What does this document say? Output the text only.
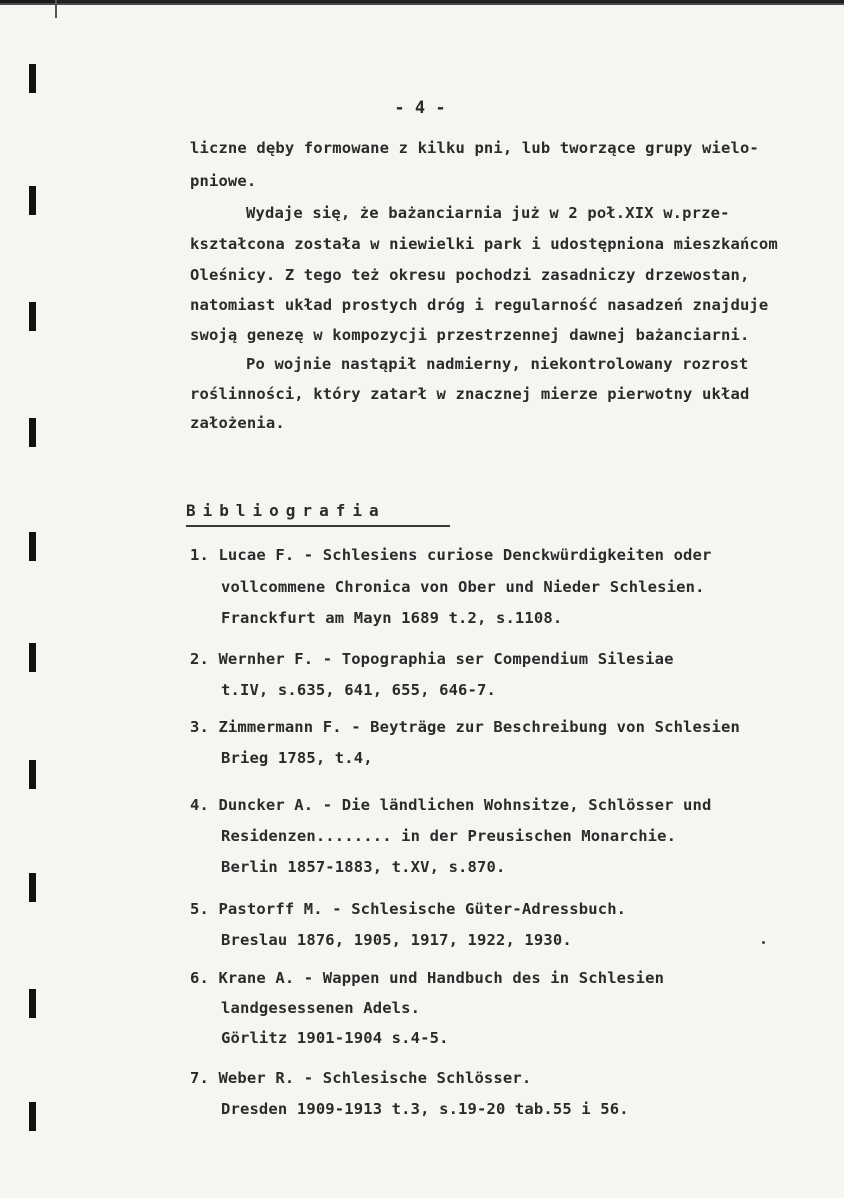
- 4 -
liczne dęby formowane z kilku pni, lub tworzące grupy wielo-
pniowe.
Wydaje się, że bażanciarnia już w 2 poł.XIX w.prze-
kształcona została w niewielki park i udostępniona mieszkańcom
Oleśnicy. Z tego też okresu pochodzi zasadniczy drzewostan,
natomiast układ prostych dróg i regularność nasadzeń znajduje
swoją genezę w kompozycji przestrzennej dawnej bażanciarni.
Po wojnie nastąpił nadmierny, niekontrolowany rozrost
roślinności, który zatarł w znacznej mierze pierwotny układ
założenia.
Bibliografia
1. Lucae F. - Schlesiens curiose Denckwürdigkeiten oder
vollcommene Chronica von Ober und Nieder Schlesien.
Franckfurt am Mayn 1689 t.2, s.1108.
2. Wernher F. - Topographia ser Compendium Silesiae
t.IV, s.635, 641, 655, 646-7.
3. Zimmermann F. - Beyträge zur Beschreibung von Schlesien
Brieg 1785, t.4,
4. Duncker A. - Die ländlichen Wohnsitze, Schlösser und
Residenzen........ in der Preusischen Monarchie.
Berlin 1857-1883, t.XV, s.870.
5. Pastorff M. - Schlesische Güter-Adressbuch.
Breslau 1876, 1905, 1917, 1922, 1930.
6. Krane A. - Wappen und Handbuch des in Schlesien
landgesessenen Adels.
Görlitz 1901-1904 s.4-5.
7. Weber R. - Schlesische Schlösser.
Dresden 1909-1913 t.3, s.19-20 tab.55 i 56.
